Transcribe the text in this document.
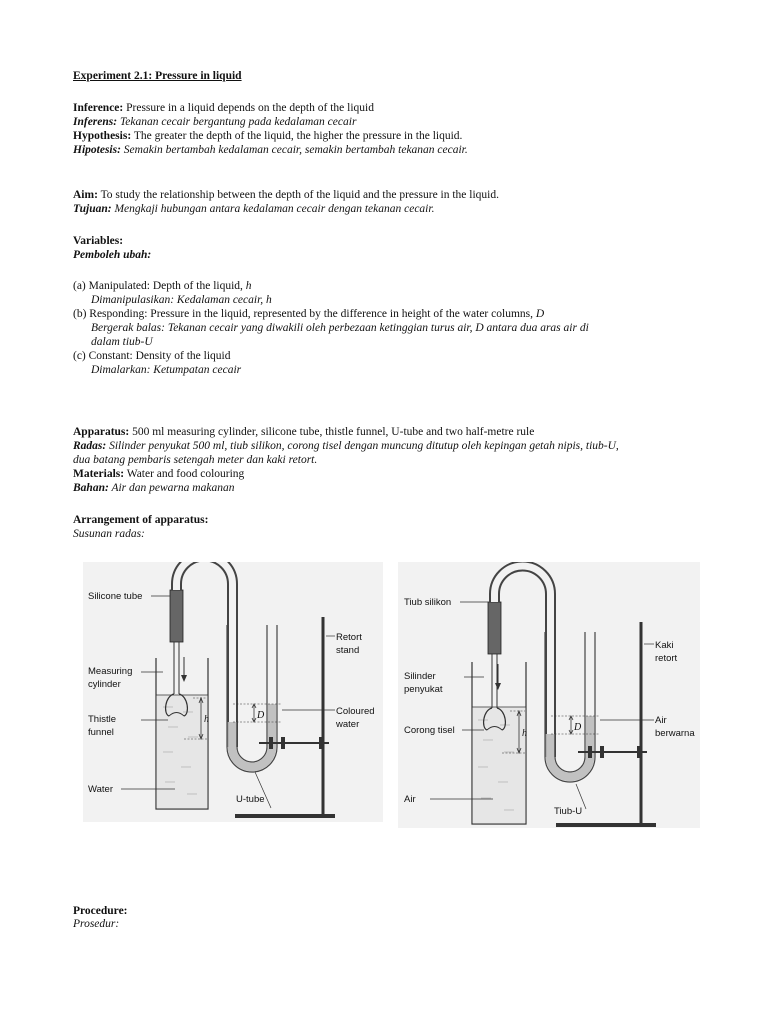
Experiment 2.1: Pressure in liquid
Inference: Pressure in a liquid depends on the depth of the liquid
Inferens: Tekanan cecair bergantung pada kedalaman cecair
Hypothesis: The greater the depth of the liquid, the higher the pressure in the liquid.
Hipotesis: Semakin bertambah kedalaman cecair, semakin bertambah tekanan cecair.
Aim: To study the relationship between the depth of the liquid and the pressure in the liquid.
Tujuan: Mengkaji hubungan antara kedalaman cecair dengan tekanan cecair.
Variables:
Pemboleh ubah:
(a) Manipulated: Depth of the liquid, h
Dimanipulasikan: Kedalaman cecair, h
(b) Responding: Pressure in the liquid, represented by the difference in height of the water columns, D
Bergerak balas: Tekanan cecair yang diwakili oleh perbezaan ketinggian turus air, D antara dua aras air di
dalam tiub-U
(c) Constant: Density of the liquid
Dimalarkan: Ketumpatan cecair
Apparatus: 500 ml measuring cylinder, silicone tube, thistle funnel, U-tube and two half-metre rule
Radas: Silinder penyukat 500 ml, tiub silikon, corong tisel dengan muncung ditutup oleh kepingan getah nipis, tiub-U,
dua batang pembaris setengah meter dan kaki retort.
Materials: Water and food colouring
Bahan: Air dan pewarna makanan
Arrangement of apparatus:
Susunan radas:
Silicone tube
Measuring
cylinder
Thistle
funnel
Water
U-tube
Retort
stand
Coloured
water
h	D
Tiub silikon
Silinder
penyukat
Corong tisel
Air
Tiub-U
Kaki
retort
Air
berwarna
h
D
Procedure:
Prosedur:
